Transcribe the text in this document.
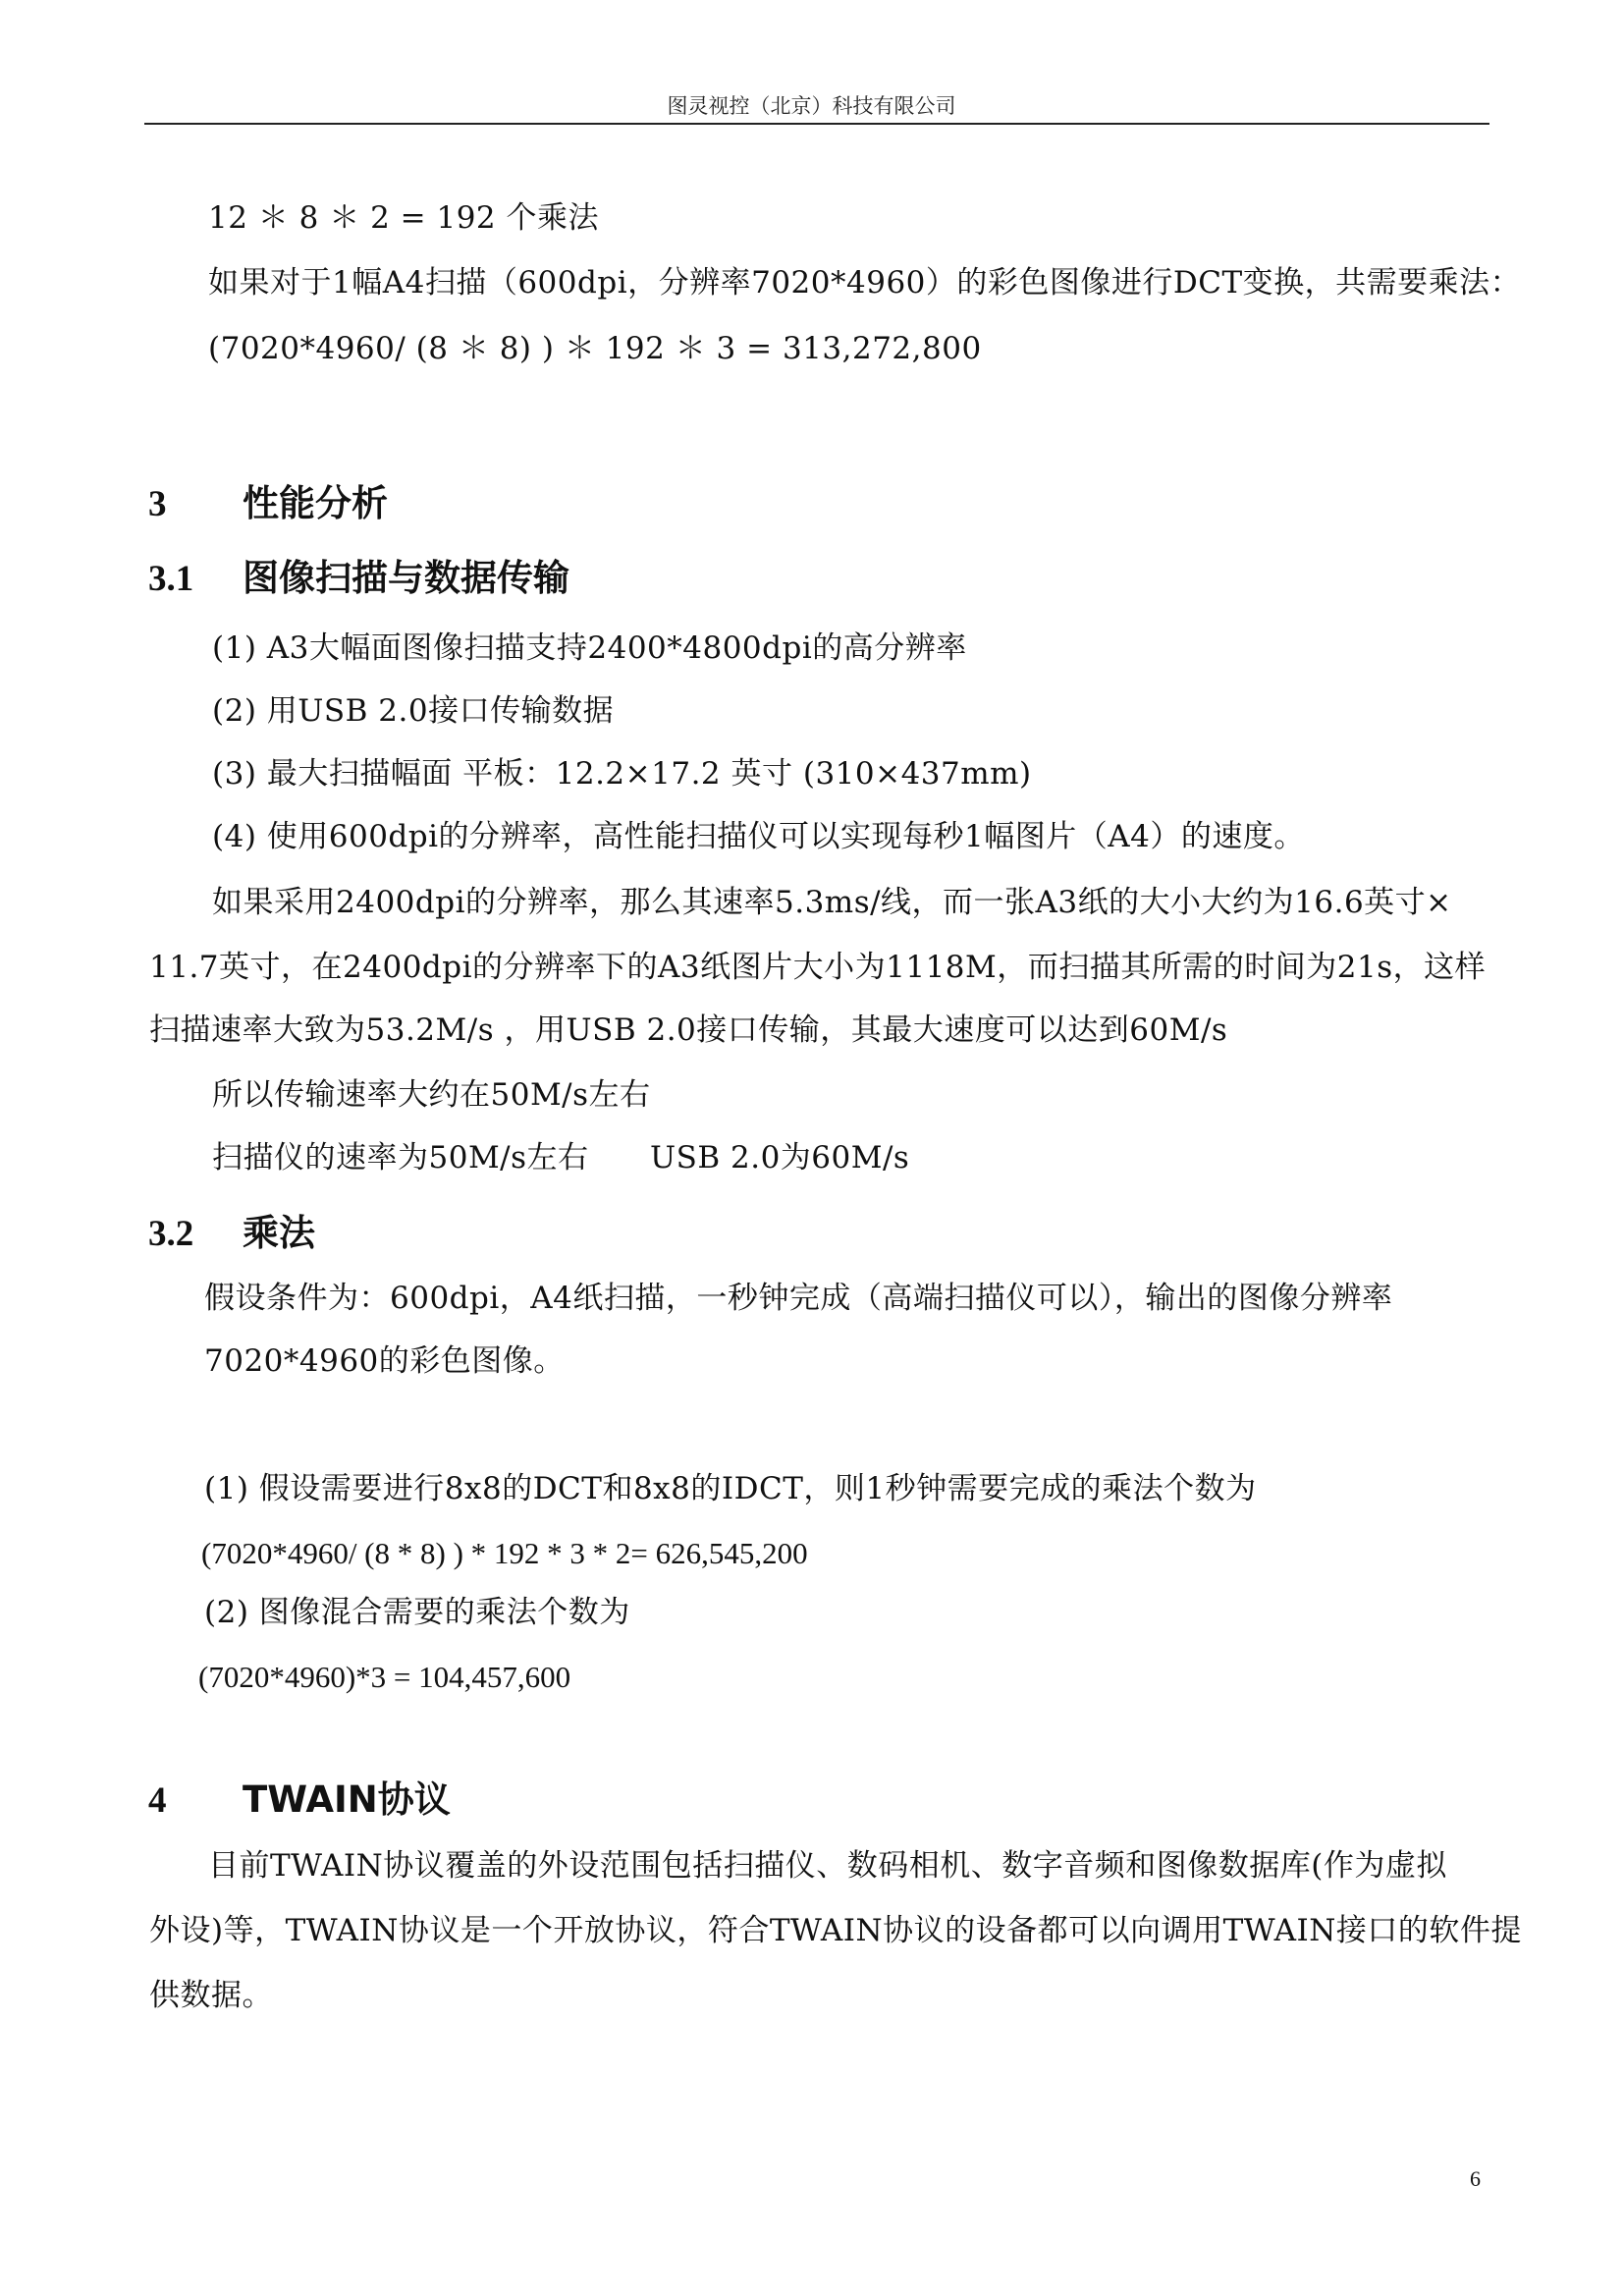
图灵视控（北京）科技有限公司
12 ＊ 8 ＊ 2 = 192 个乘法
如果对于1幅A4扫描（600dpi，分辨率7020*4960）的彩色图像进行DCT变换，共需要乘法：
(7020*4960/ (8 ＊ 8) ) ＊ 192 ＊ 3 = 313,272,800
3 性能分析
3.1 图像扫描与数据传输
(1) A3大幅面图像扫描支持2400*4800dpi的高分辨率
(2) 用USB 2.0接口传输数据
(3) 最大扫描幅面 平板：12.2×17.2 英寸 (310×437mm)
(4) 使用600dpi的分辨率，高性能扫描仪可以实现每秒1幅图片（A4）的速度。
如果采用2400dpi的分辨率，那么其速率5.3ms/线，而一张A3纸的大小大约为16.6英寸×
11.7英寸，在2400dpi的分辨率下的A3纸图片大小为1118M，而扫描其所需的时间为21s，这样
扫描速率大致为53.2M/s ，用USB 2.0接口传输，其最大速度可以达到60M/s
所以传输速率大约在50M/s左右
扫描仪的速率为50M/s左右 USB 2.0为60M/s
3.2 乘法
假设条件为：600dpi，A4纸扫描，一秒钟完成（高端扫描仪可以），输出的图像分辨率
7020*4960的彩色图像。
(1) 假设需要进行8x8的DCT和8x8的IDCT，则1秒钟需要完成的乘法个数为
(7020*4960/ (8 * 8) ) * 192 * 3 * 2= 626,545,200
(2) 图像混合需要的乘法个数为
(7020*4960)*3 = 104,457,600
4 TWAIN协议
目前TWAIN协议覆盖的外设范围包括扫描仪、数码相机、数字音频和图像数据库(作为虚拟
外设)等，TWAIN协议是一个开放协议，符合TWAIN协议的设备都可以向调用TWAIN接口的软件提
供数据。
6
